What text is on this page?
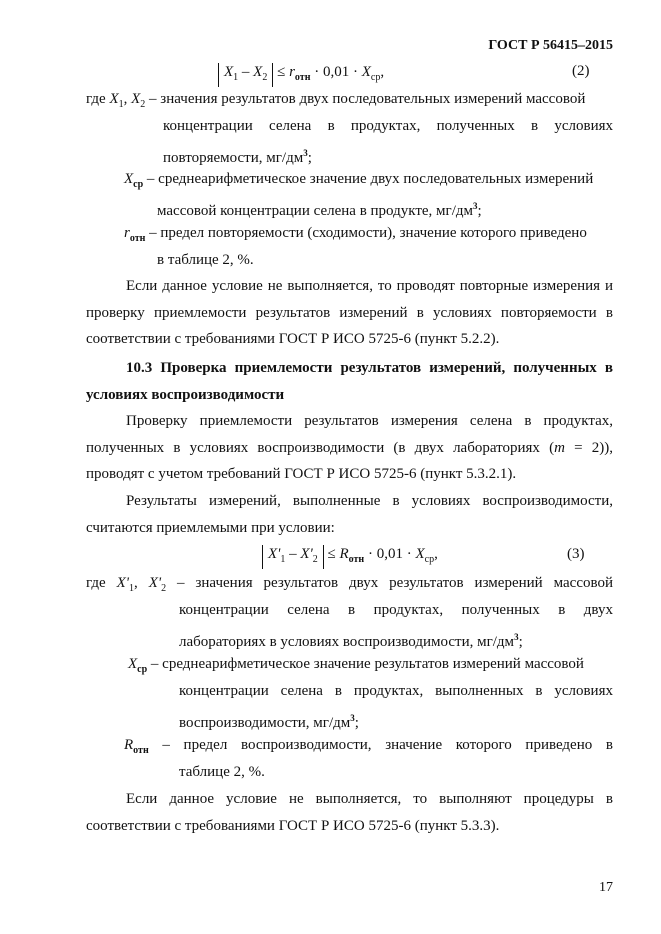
ГОСТ Р 56415–2015
$X_1 - X_2 \le r_{отн} \cdot 0,01 \cdot X_{ср}$,	(2)
где $X_1$, $X_2$ – значения результатов двух последовательных измерений массовой
концентрации селена в продуктах, полученных в условиях
повторяемости, $мг/дм^3$;
$X_{ср}$ – среднеарифметическое значение двух последовательных измерений
массовой концентрации селена в продукте, $мг/дм^3$;
$r_{отн}$ – предел повторяемости (сходимости), значение которого приведено
в таблице 2, %.
Если данное условие не выполняется, то проводят повторные измерения и проверку приемлемости результатов измерений в условиях повторяемости в соответствии с требованиями ГОСТ Р ИСО 5725-6 (пункт 5.2.2).
10.3 Проверка приемлемости результатов измерений, полученных в условиях воспроизводимости
Проверку приемлемости результатов измерения селена в продуктах, полученных в условиях воспроизводимости (в двух лабораториях (m = 2)), проводят с учетом требований ГОСТ Р ИСО 5725-6 (пункт 5.3.2.1).
Результаты измерений, выполненные в условиях воспроизводимости, считаются приемлемыми при условии:
$X'_1 - X'_2 \le R_{отн} \cdot 0,01 \cdot X_{ср}$,	(3)
где $X'_1$, $X'_2$ – значения результатов двух результатов измерений массовой
концентрации селена в продуктах, полученных в двух
лабораториях в условиях воспроизводимости, $мг/дм^3$;
$X_{ср}$ – среднеарифметическое значение результатов измерений массовой
концентрации селена в продуктах, выполненных в условиях
воспроизводимости, $мг/дм^3$;
$R_{отн}$ – предел воспроизводимости, значение которого приведено в
таблице 2, %.
Если данное условие не выполняется, то выполняют процедуры в соответствии с требованиями ГОСТ Р ИСО 5725-6 (пункт 5.3.3).
17
